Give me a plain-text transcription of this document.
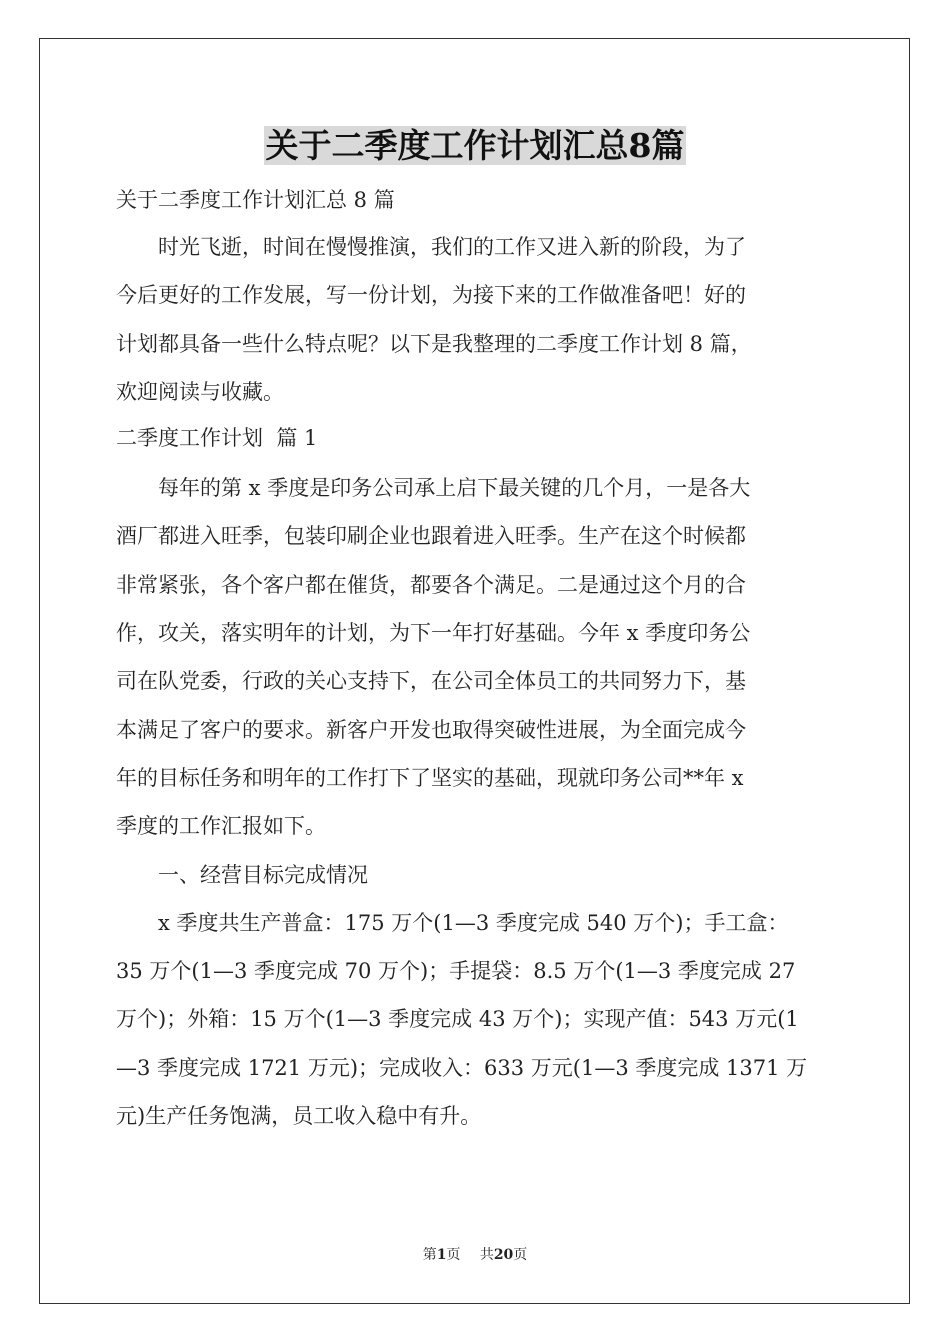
关于二季度工作计划汇总8篇

关于二季度工作计划汇总 8 篇

　　时光飞逝，时间在慢慢推演，我们的工作又进入新的阶段，为了

今后更好的工作发展，写一份计划，为接下来的工作做准备吧！好的

计划都具备一些什么特点呢？以下是我整理的二季度工作计划 8 篇，

欢迎阅读与收藏。

二季度工作计划  篇 1

　　每年的第 x 季度是印务公司承上启下最关键的几个月，一是各大

酒厂都进入旺季，包装印刷企业也跟着进入旺季。生产在这个时候都

非常紧张，各个客户都在催货，都要各个满足。二是通过这个月的合

作，攻关，落实明年的计划，为下一年打好基础。今年 x 季度印务公

司在队党委，行政的关心支持下，在公司全体员工的共同努力下，基

本满足了客户的要求。新客户开发也取得突破性进展，为全面完成今

年的目标任务和明年的工作打下了坚实的基础，现就印务公司**年 x

季度的工作汇报如下。

　　一、经营目标完成情况

　　x 季度共生产普盒：175 万个(1—3 季度完成 540 万个)；手工盒：

35 万个(1—3 季度完成 70 万个)；手提袋：8.5 万个(1—3 季度完成 27

万个)；外箱：15 万个(1—3 季度完成 43 万个)；实现产值：543 万元(1

—3 季度完成 1721 万元)；完成收入：633 万元(1—3 季度完成 1371 万

元)生产任务饱满，员工收入稳中有升。

第1页 共20页
